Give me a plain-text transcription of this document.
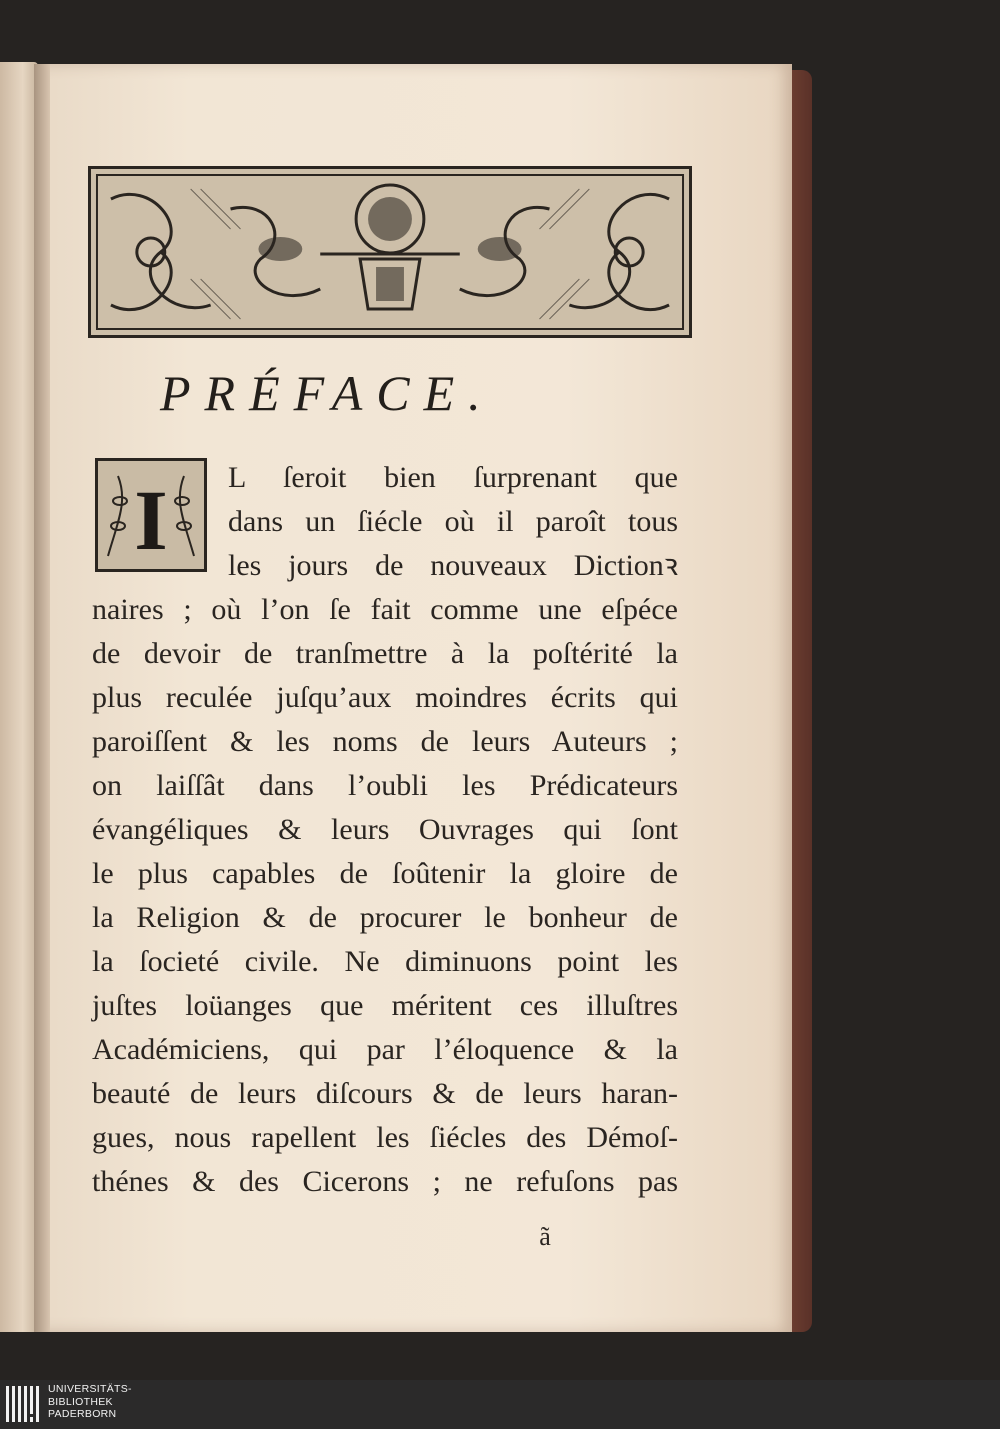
PRÉFACE.
I L ſeroit bien ſurprenant que
dans un ſiécle où il paroît tous
les jours de nouveaux Dictionꝛ
naires ; où l’on ſe fait comme une eſpéce
de devoir de tranſmettre à la poſtérité la
plus reculée juſqu’aux moindres écrits qui
paroiſſent & les noms de leurs Auteurs ;
on laiſſât dans l’oubli les Prédicateurs
évangéliques & leurs Ouvrages qui ſont
le plus capables de ſoûtenir la gloire de
la Religion & de procurer le bonheur de
la ſocieté civile. Ne diminuons point les
juſtes loüanges que méritent ces illuſtres
Académiciens, qui par l’éloquence & la
beauté de leurs diſcours & de leurs haran-
gues, nous rapellent les ſiécles des Démoſ-
thénes & des Cicerons ; ne refuſons pas
ã
UNIVERSITÄTS-
BIBLIOTHEK
PADERBORN
